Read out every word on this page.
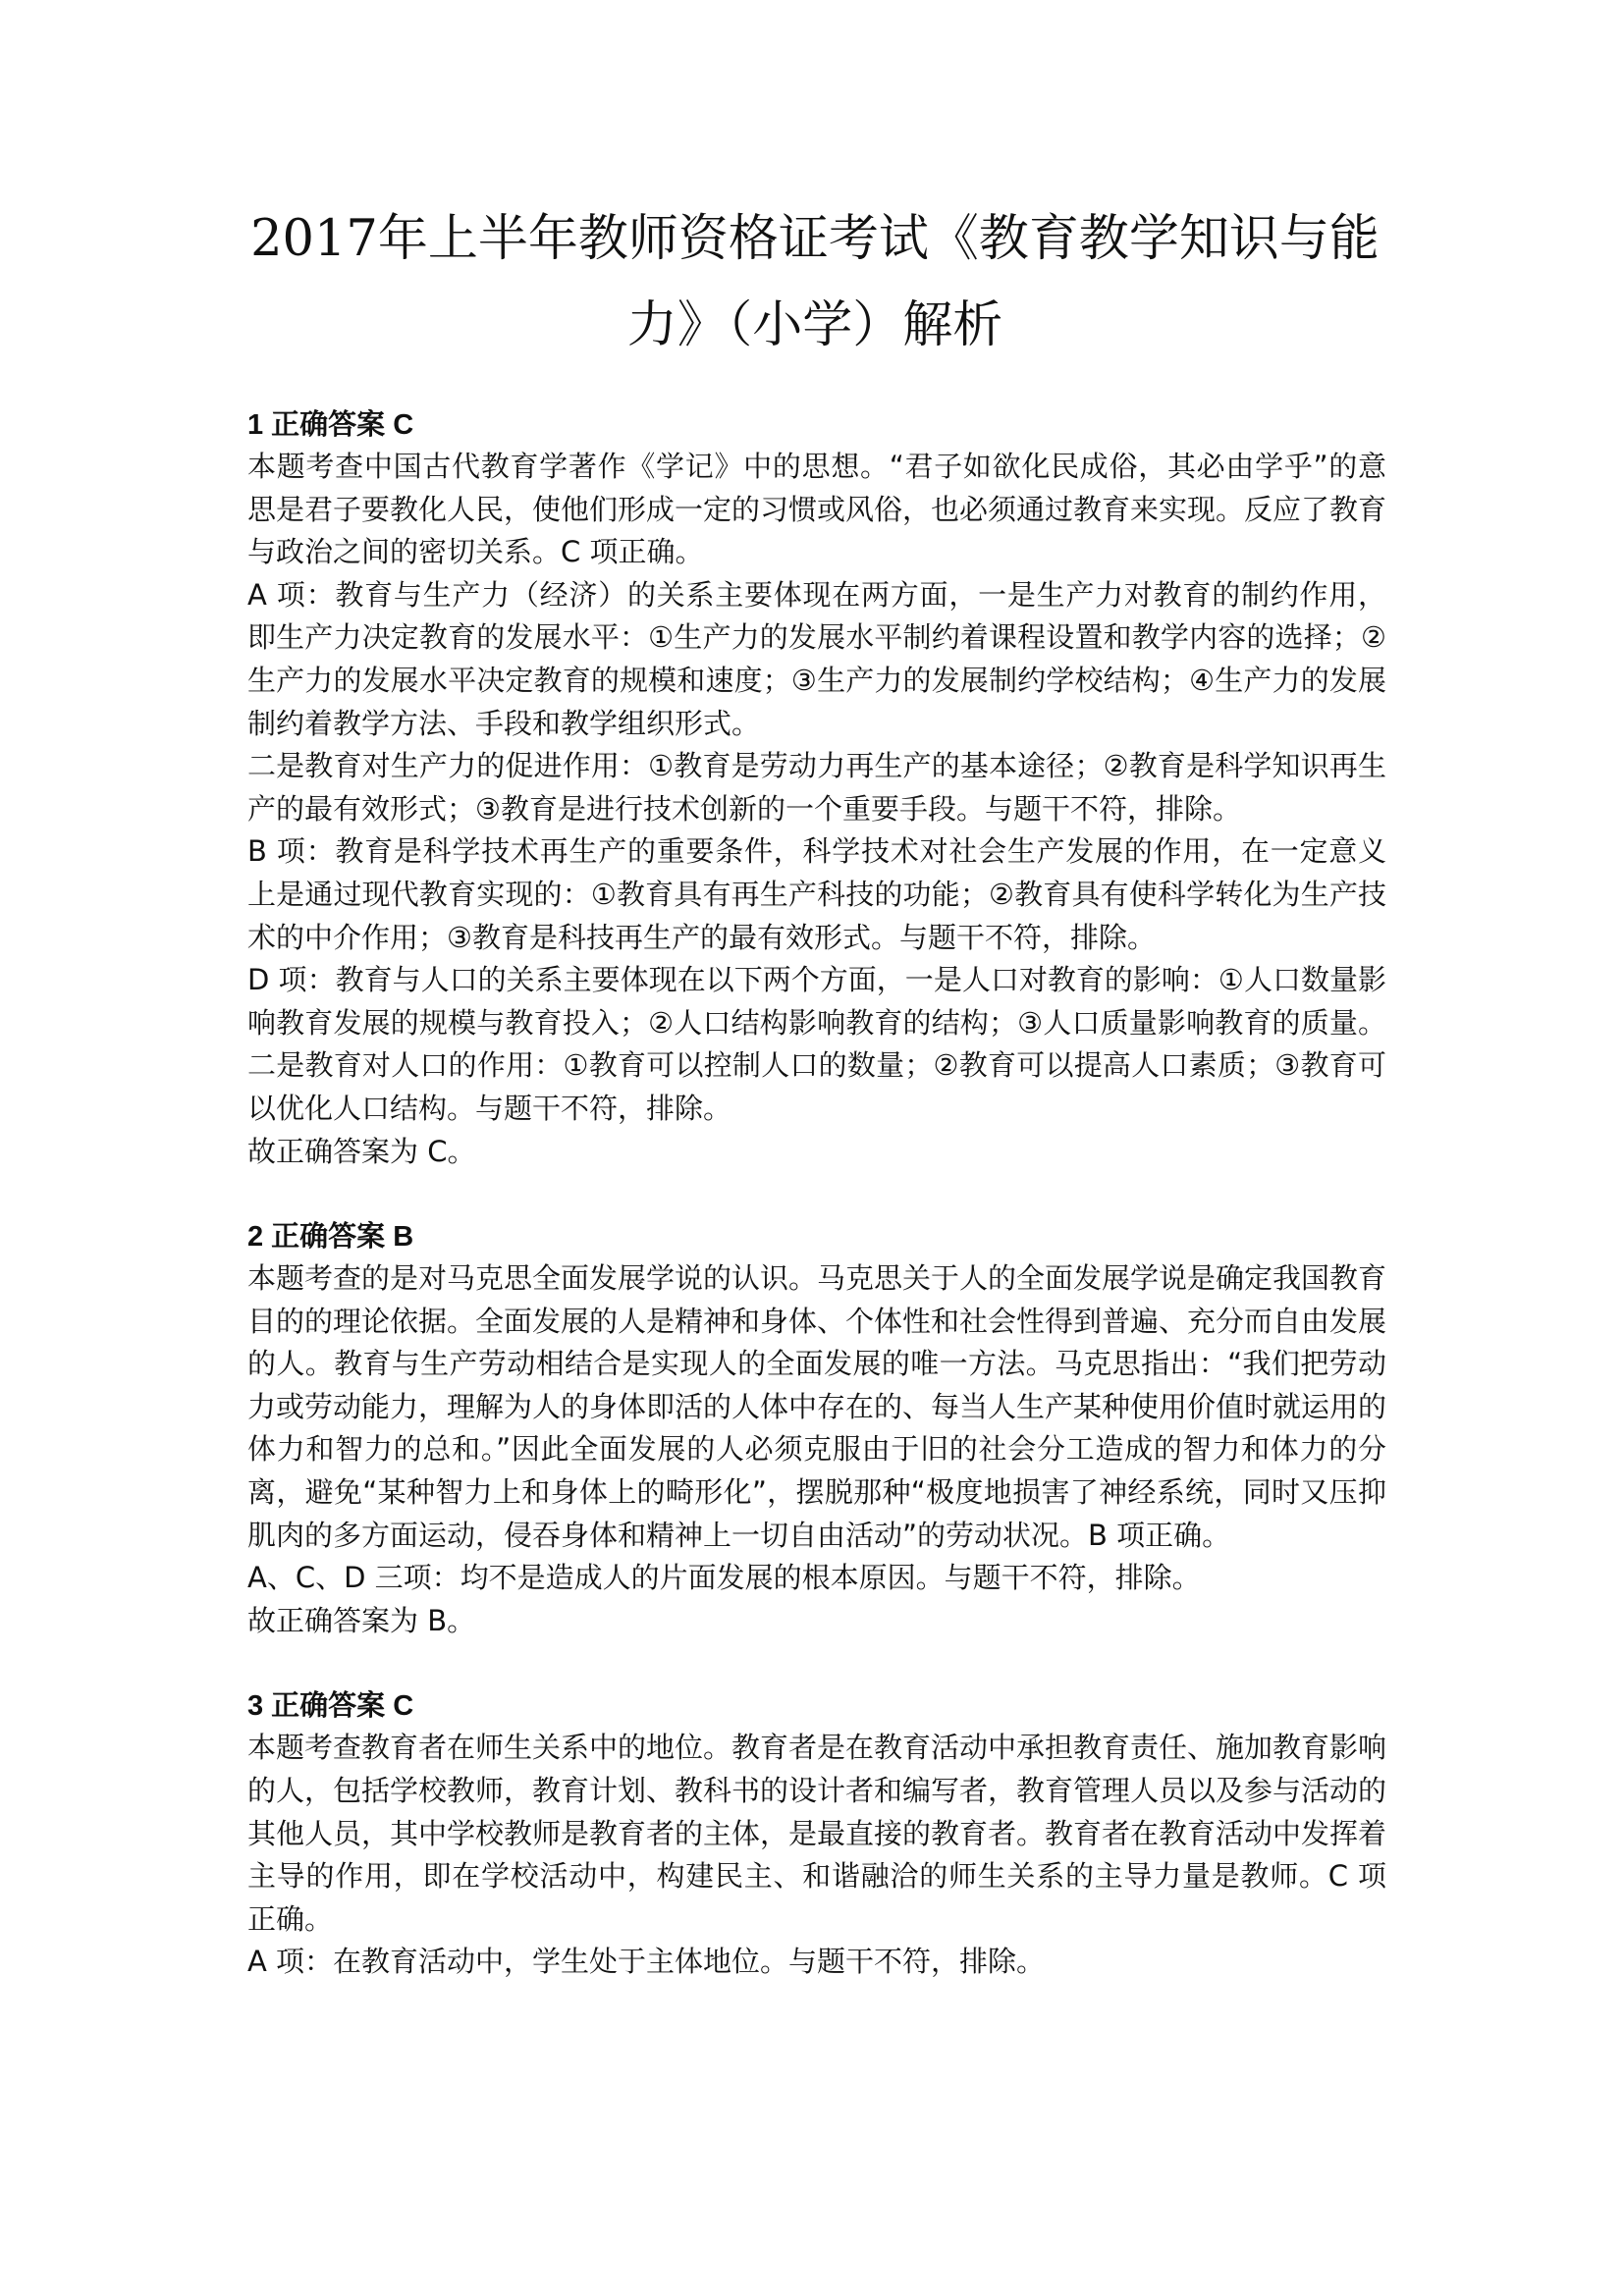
2017年上半年教师资格证考试《教育教学知识与能
力》（小学）解析

1 正确答案 C

本题考查中国古代教育学著作《学记》中的思想。“君子如欲化民成俗，其必由学乎”的意思是君子要教化人民，使他们形成一定的习惯或风俗，也必须通过教育来实现。反应了教育与政治之间的密切关系。C 项正确。

A 项：教育与生产力（经济）的关系主要体现在两方面，一是生产力对教育的制约作用，即生产力决定教育的发展水平：①生产力的发展水平制约着课程设置和教学内容的选择；②生产力的发展水平决定教育的规模和速度；③生产力的发展制约学校结构；④生产力的发展制约着教学方法、手段和教学组织形式。

二是教育对生产力的促进作用：①教育是劳动力再生产的基本途径；②教育是科学知识再生产的最有效形式；③教育是进行技术创新的一个重要手段。与题干不符，排除。

B 项：教育是科学技术再生产的重要条件，科学技术对社会生产发展的作用，在一定意义上是通过现代教育实现的：①教育具有再生产科技的功能；②教育具有使科学转化为生产技术的中介作用；③教育是科技再生产的最有效形式。与题干不符，排除。

D 项：教育与人口的关系主要体现在以下两个方面，一是人口对教育的影响：①人口数量影响教育发展的规模与教育投入；②人口结构影响教育的结构；③人口质量影响教育的质量。二是教育对人口的作用：①教育可以控制人口的数量；②教育可以提高人口素质；③教育可以优化人口结构。与题干不符，排除。

故正确答案为 C。

2 正确答案 B

本题考查的是对马克思全面发展学说的认识。马克思关于人的全面发展学说是确定我国教育目的的理论依据。全面发展的人是精神和身体、个体性和社会性得到普遍、充分而自由发展的人。教育与生产劳动相结合是实现人的全面发展的唯一方法。马克思指出：“我们把劳动力或劳动能力，理解为人的身体即活的人体中存在的、每当人生产某种使用价值时就运用的体力和智力的总和。”因此全面发展的人必须克服由于旧的社会分工造成的智力和体力的分离，避免“某种智力上和身体上的畸形化”，摆脱那种“极度地损害了神经系统，同时又压抑肌肉的多方面运动，侵吞身体和精神上一切自由活动”的劳动状况。B 项正确。

A、C、D 三项：均不是造成人的片面发展的根本原因。与题干不符，排除。

故正确答案为 B。

3 正确答案 C

本题考查教育者在师生关系中的地位。教育者是在教育活动中承担教育责任、施加教育影响的人，包括学校教师，教育计划、教科书的设计者和编写者，教育管理人员以及参与活动的其他人员，其中学校教师是教育者的主体，是最直接的教育者。教育者在教育活动中发挥着主导的作用，即在学校活动中，构建民主、和谐融洽的师生关系的主导力量是教师。C 项正确。

A 项：在教育活动中，学生处于主体地位。与题干不符，排除。
